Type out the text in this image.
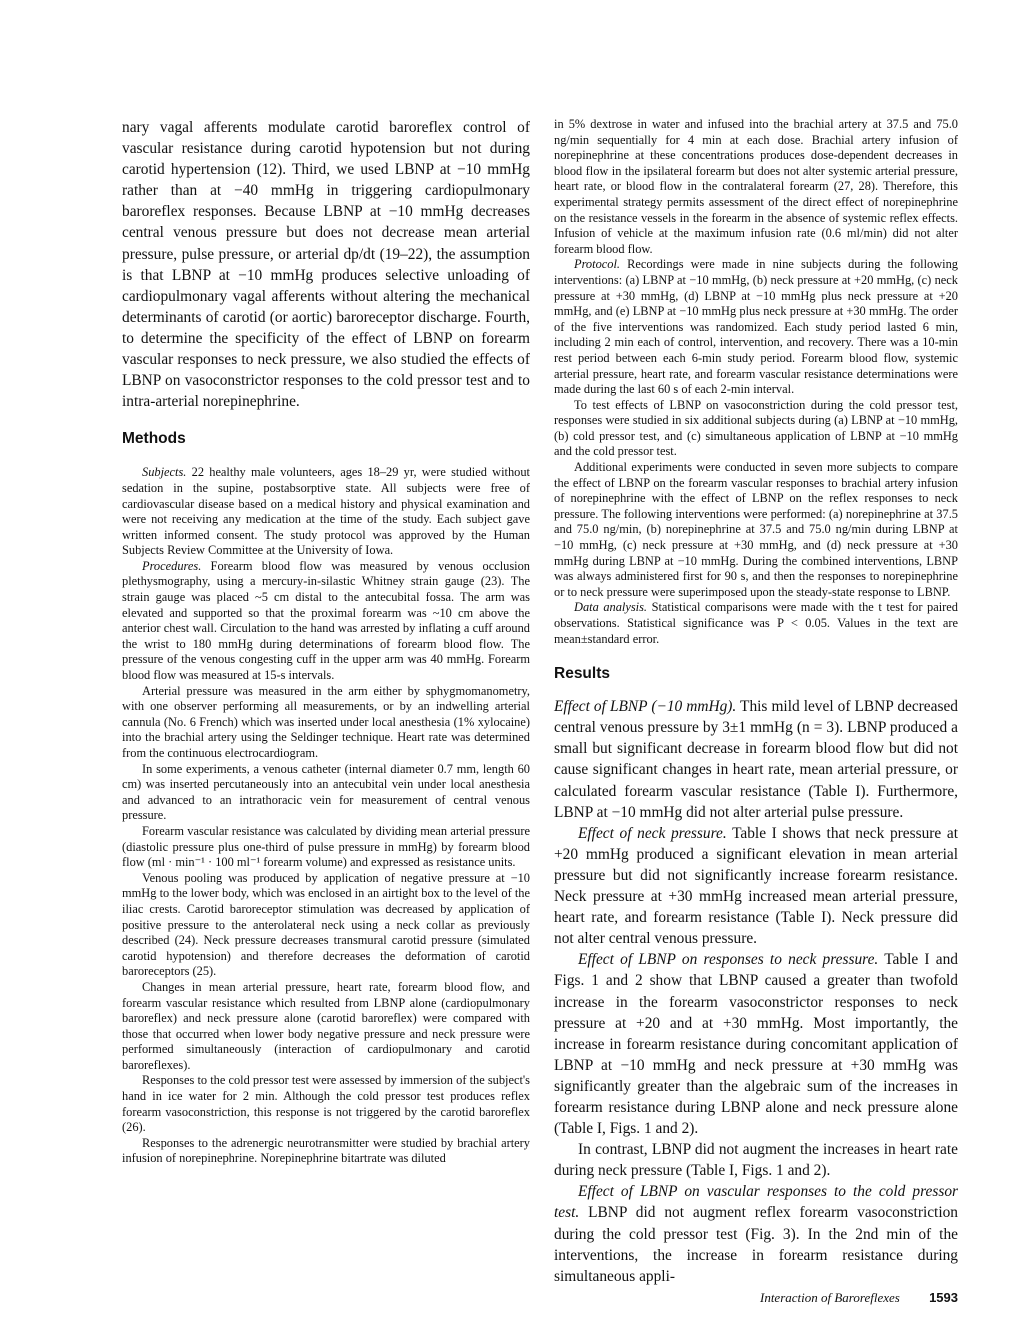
nary vagal afferents modulate carotid baroreflex control of vascular resistance during carotid hypotension but not during carotid hypertension (12). Third, we used LBNP at −10 mmHg rather than at −40 mmHg in triggering cardiopulmonary baroreflex responses. Because LBNP at −10 mmHg decreases central venous pressure but does not decrease mean arterial pressure, pulse pressure, or arterial dp/dt (19–22), the assumption is that LBNP at −10 mmHg produces selective unloading of cardiopulmonary vagal afferents without altering the mechanical determinants of carotid (or aortic) baroreceptor discharge. Fourth, to determine the specificity of the effect of LBNP on forearm vascular responses to neck pressure, we also studied the effects of LBNP on vasoconstrictor responses to the cold pressor test and to intra-arterial norepinephrine.

Methods

Subjects. 22 healthy male volunteers, ages 18–29 yr, were studied without sedation in the supine, postabsorptive state. All subjects were free of cardiovascular disease based on a medical history and physical examination and were not receiving any medication at the time of the study. Each subject gave written informed consent. The study protocol was approved by the Human Subjects Review Committee at the University of Iowa.

Procedures. Forearm blood flow was measured by venous occlusion plethysmography, using a mercury-in-silastic Whitney strain gauge (23). The strain gauge was placed ~5 cm distal to the antecubital fossa. The arm was elevated and supported so that the proximal forearm was ~10 cm above the anterior chest wall. Circulation to the hand was arrested by inflating a cuff around the wrist to 180 mmHg during determinations of forearm blood flow. The pressure of the venous congesting cuff in the upper arm was 40 mmHg. Forearm blood flow was measured at 15-s intervals.

Arterial pressure was measured in the arm either by sphygmomanometry, with one observer performing all measurements, or by an indwelling arterial cannula (No. 6 French) which was inserted under local anesthesia (1% xylocaine) into the brachial artery using the Seldinger technique. Heart rate was determined from the continuous electrocardiogram.

In some experiments, a venous catheter (internal diameter 0.7 mm, length 60 cm) was inserted percutaneously into an antecubital vein under local anesthesia and advanced to an intrathoracic vein for measurement of central venous pressure.

Forearm vascular resistance was calculated by dividing mean arterial pressure (diastolic pressure plus one-third of pulse pressure in mmHg) by forearm blood flow (ml · min⁻¹ · 100 ml⁻¹ forearm volume) and expressed as resistance units.

Venous pooling was produced by application of negative pressure at −10 mmHg to the lower body, which was enclosed in an airtight box to the level of the iliac crests. Carotid baroreceptor stimulation was decreased by application of positive pressure to the anterolateral neck using a neck collar as previously described (24). Neck pressure decreases transmural carotid pressure (simulated carotid hypotension) and therefore decreases the deformation of carotid baroreceptors (25).

Changes in mean arterial pressure, heart rate, forearm blood flow, and forearm vascular resistance which resulted from LBNP alone (cardiopulmonary baroreflex) and neck pressure alone (carotid baroreflex) were compared with those that occurred when lower body negative pressure and neck pressure were performed simultaneously (interaction of cardiopulmonary and carotid baroreflexes).

Responses to the cold pressor test were assessed by immersion of the subject's hand in ice water for 2 min. Although the cold pressor test produces reflex forearm vasoconstriction, this response is not triggered by the carotid baroreflex (26).

Responses to the adrenergic neurotransmitter were studied by brachial artery infusion of norepinephrine. Norepinephrine bitartrate was diluted

in 5% dextrose in water and infused into the brachial artery at 37.5 and 75.0 ng/min sequentially for 4 min at each dose. Brachial artery infusion of norepinephrine at these concentrations produces dose-dependent decreases in blood flow in the ipsilateral forearm but does not alter systemic arterial pressure, heart rate, or blood flow in the contralateral forearm (27, 28). Therefore, this experimental strategy permits assessment of the direct effect of norepinephrine on the resistance vessels in the forearm in the absence of systemic reflex effects. Infusion of vehicle at the maximum infusion rate (0.6 ml/min) did not alter forearm blood flow.

Protocol. Recordings were made in nine subjects during the following interventions: (a) LBNP at −10 mmHg, (b) neck pressure at +20 mmHg, (c) neck pressure at +30 mmHg, (d) LBNP at −10 mmHg plus neck pressure at +20 mmHg, and (e) LBNP at −10 mmHg plus neck pressure at +30 mmHg. The order of the five interventions was randomized. Each study period lasted 6 min, including 2 min each of control, intervention, and recovery. There was a 10-min rest period between each 6-min study period. Forearm blood flow, systemic arterial pressure, heart rate, and forearm vascular resistance determinations were made during the last 60 s of each 2-min interval.

To test effects of LBNP on vasoconstriction during the cold pressor test, responses were studied in six additional subjects during (a) LBNP at −10 mmHg, (b) cold pressor test, and (c) simultaneous application of LBNP at −10 mmHg and the cold pressor test.

Additional experiments were conducted in seven more subjects to compare the effect of LBNP on the forearm vascular responses to brachial artery infusion of norepinephrine with the effect of LBNP on the reflex responses to neck pressure. The following interventions were performed: (a) norepinephrine at 37.5 and 75.0 ng/min, (b) norepinephrine at 37.5 and 75.0 ng/min during LBNP at −10 mmHg, (c) neck pressure at +30 mmHg, and (d) neck pressure at +30 mmHg during LBNP at −10 mmHg. During the combined interventions, LBNP was always administered first for 90 s, and then the responses to norepinephrine or to neck pressure were superimposed upon the steady-state response to LBNP.

Data analysis. Statistical comparisons were made with the t test for paired observations. Statistical significance was P < 0.05. Values in the text are mean±standard error.

Results

Effect of LBNP (−10 mmHg). This mild level of LBNP decreased central venous pressure by 3±1 mmHg (n = 3). LBNP produced a small but significant decrease in forearm blood flow but did not cause significant changes in heart rate, mean arterial pressure, or calculated forearm vascular resistance (Table I). Furthermore, LBNP at −10 mmHg did not alter arterial pulse pressure.

Effect of neck pressure. Table I shows that neck pressure at +20 mmHg produced a significant elevation in mean arterial pressure but did not significantly increase forearm resistance. Neck pressure at +30 mmHg increased mean arterial pressure, heart rate, and forearm resistance (Table I). Neck pressure did not alter central venous pressure.

Effect of LBNP on responses to neck pressure. Table I and Figs. 1 and 2 show that LBNP caused a greater than twofold increase in the forearm vasoconstrictor responses to neck pressure at +20 and at +30 mmHg. Most importantly, the increase in forearm resistance during concomitant application of LBNP at −10 mmHg and neck pressure at +30 mmHg was significantly greater than the algebraic sum of the increases in forearm resistance during LBNP alone and neck pressure alone (Table I, Figs. 1 and 2).

In contrast, LBNP did not augment the increases in heart rate during neck pressure (Table I, Figs. 1 and 2).

Effect of LBNP on vascular responses to the cold pressor test. LBNP did not augment reflex forearm vasoconstriction during the cold pressor test (Fig. 3). In the 2nd min of the interventions, the increase in forearm resistance during simultaneous appli-

Interaction of Baroreflexes 1593
